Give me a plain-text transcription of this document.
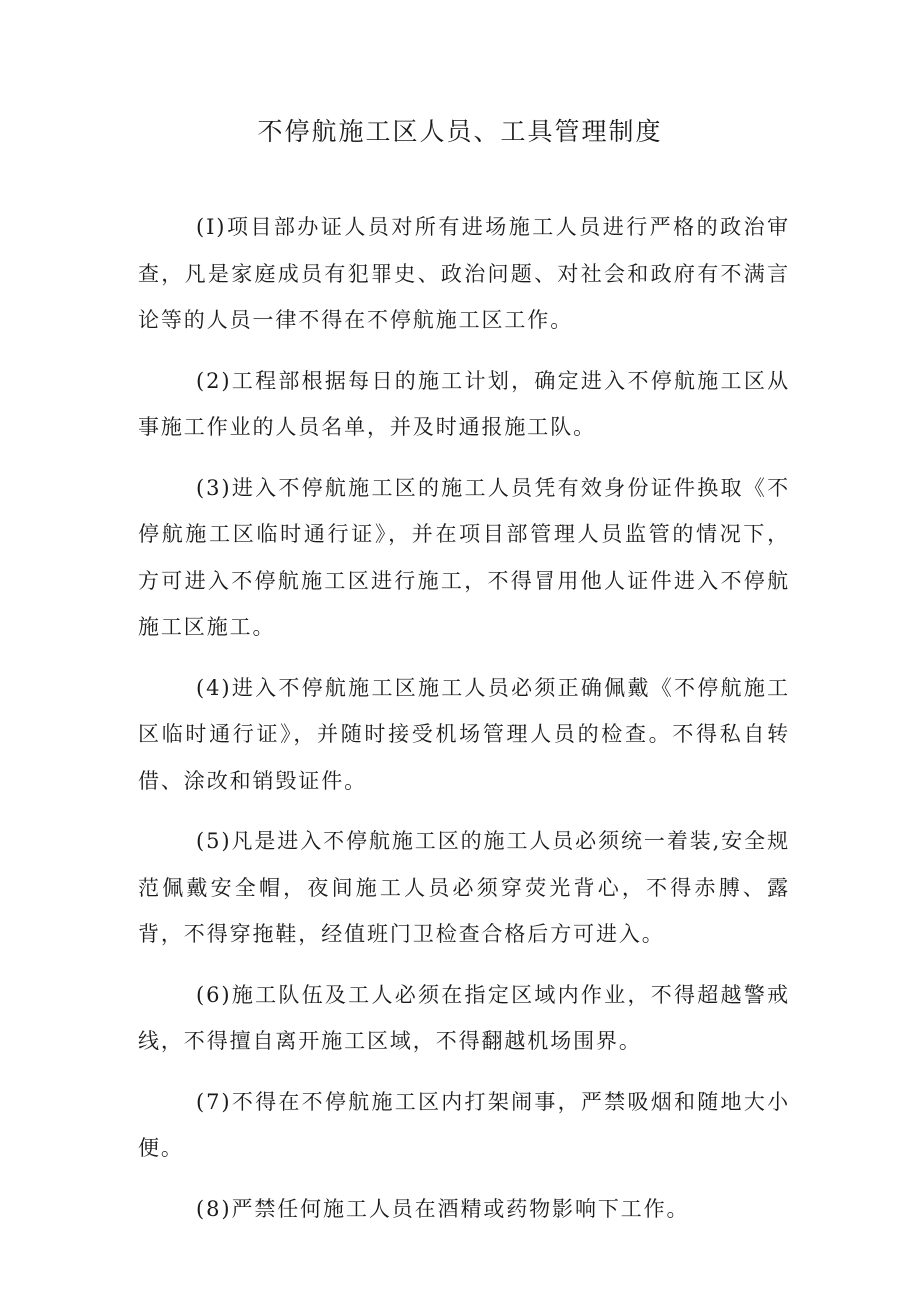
不停航施工区人员、工具管理制度

(I)项目部办证人员对所有进场施工人员进行严格的政治审查，凡是家庭成员有犯罪史、政治问题、对社会和政府有不满言论等的人员一律不得在不停航施工区工作。

(2)工程部根据每日的施工计划，确定进入不停航施工区从事施工作业的人员名单，并及时通报施工队。

(3)进入不停航施工区的施工人员凭有效身份证件换取《不停航施工区临时通行证》，并在项目部管理人员监管的情况下，方可进入不停航施工区进行施工，不得冒用他人证件进入不停航施工区施工。

(4)进入不停航施工区施工人员必须正确佩戴《不停航施工区临时通行证》，并随时接受机场管理人员的检查。不得私自转借、涂改和销毁证件。

(5)凡是进入不停航施工区的施工人员必须统一着装,安全规范佩戴安全帽，夜间施工人员必须穿荧光背心，不得赤膊、露背，不得穿拖鞋，经值班门卫检查合格后方可进入。

(6)施工队伍及工人必须在指定区域内作业，不得超越警戒线，不得擅自离开施工区域，不得翻越机场围界。

(7)不得在不停航施工区内打架闹事，严禁吸烟和随地大小便。

(8)严禁任何施工人员在酒精或药物影响下工作。
